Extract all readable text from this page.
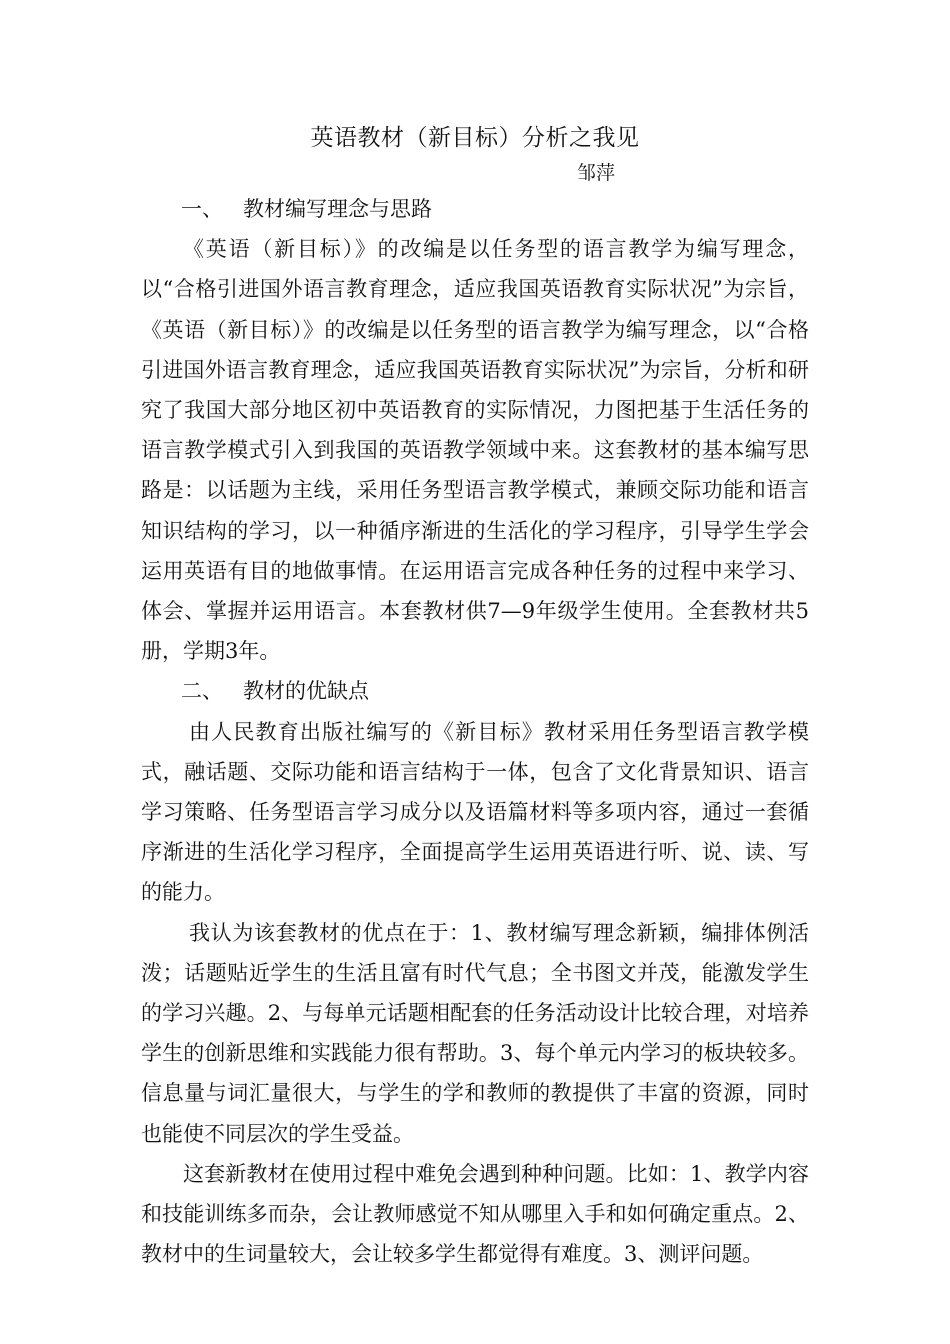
英语教材（新目标）分析之我见

邹萍

一、   教材编写理念与思路

《英语（新目标）》的改编是以任务型的语言教学为编写理念，以“合格引进国外语言教育理念，适应我国英语教育实际状况”为宗旨，《英语（新目标）》的改编是以任务型的语言教学为编写理念，以“合格引进国外语言教育理念，适应我国英语教育实际状况”为宗旨，分析和研究了我国大部分地区初中英语教育的实际情况，力图把基于生活任务的语言教学模式引入到我国的英语教学领域中来。这套教材的基本编写思路是：以话题为主线，采用任务型语言教学模式，兼顾交际功能和语言知识结构的学习，以一种循序渐进的生活化的学习程序，引导学生学会运用英语有目的地做事情。在运用语言完成各种任务的过程中来学习、体会、掌握并运用语言。本套教材供7—9年级学生使用。全套教材共5册，学期3年。

二、   教材的优缺点

由人民教育出版社编写的《新目标》教材采用任务型语言教学模式，融话题、交际功能和语言结构于一体，包含了文化背景知识、语言学习策略、任务型语言学习成分以及语篇材料等多项内容，通过一套循序渐进的生活化学习程序，全面提高学生运用英语进行听、说、读、写的能力。

我认为该套教材的优点在于：1、教材编写理念新颖，编排体例活泼；话题贴近学生的生活且富有时代气息；全书图文并茂，能激发学生的学习兴趣。2、与每单元话题相配套的任务活动设计比较合理，对培养学生的创新思维和实践能力很有帮助。3、每个单元内学习的板块较多。信息量与词汇量很大，与学生的学和教师的教提供了丰富的资源，同时也能使不同层次的学生受益。

这套新教材在使用过程中难免会遇到种种问题。比如：1、教学内容和技能训练多而杂，会让教师感觉不知从哪里入手和如何确定重点。2、教材中的生词量较大，会让较多学生都觉得有难度。3、测评问题。
